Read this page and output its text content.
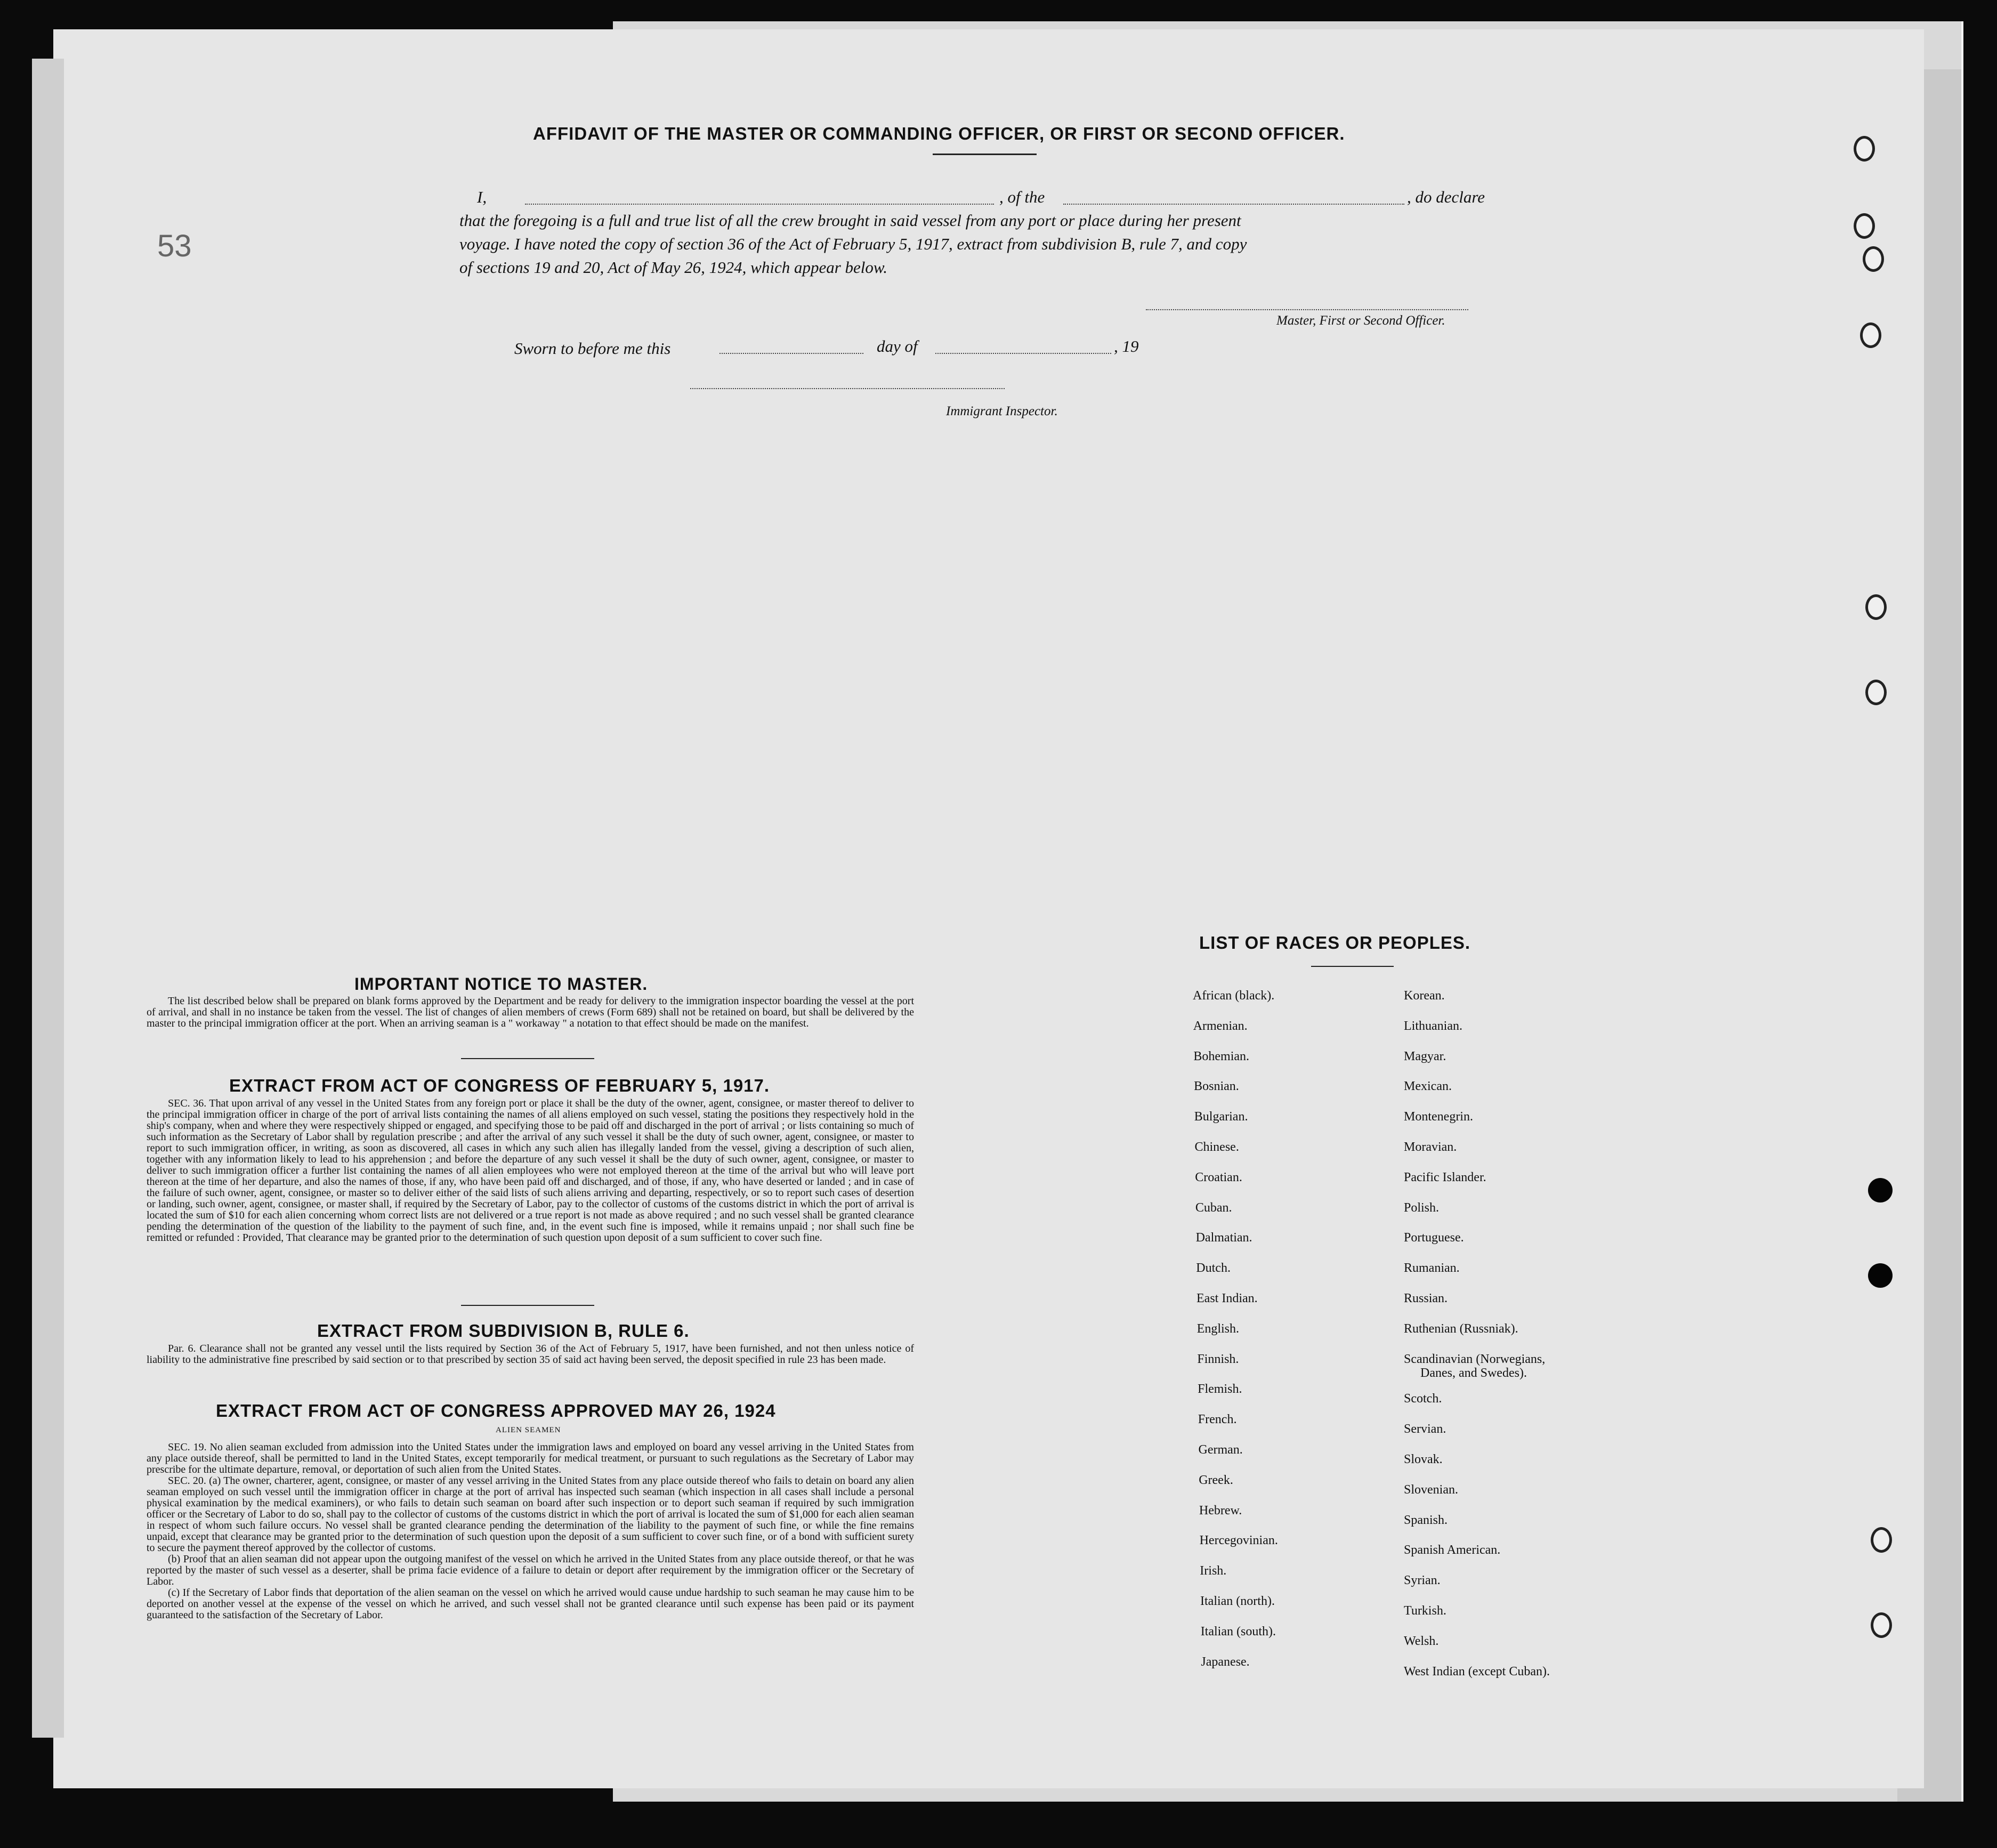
53
AFFIDAVIT OF THE MASTER OR COMMANDING OFFICER, OR FIRST OR SECOND OFFICER.
I,	, of the	, do declare
that the foregoing is a full and true list of all the crew brought in said vessel from any port or place during her present
voyage. I have noted the copy of section 36 of the Act of February 5, 1917, extract from subdivision B, rule 7, and copy
of sections 19 and 20, Act of May 26, 1924, which appear below.
Master, First or Second Officer.
Sworn to before me this	day of	, 19
Immigrant Inspector.
IMPORTANT NOTICE TO MASTER.

The list described below shall be prepared on blank forms approved by the Department and be ready for delivery to the immigration inspector boarding the vessel at the port of arrival, and shall in no instance be taken from the vessel. The list of changes of alien members of crews (Form 689) shall not be retained on board, but shall be delivered by the master to the principal immigration officer at the port. When an arriving seaman is a " workaway " a notation to that effect should be made on the manifest.

EXTRACT FROM ACT OF CONGRESS OF FEBRUARY 5, 1917.

SEC. 36. That upon arrival of any vessel in the United States from any foreign port or place it shall be the duty of the owner, agent, consignee, or master thereof to deliver to the principal immigration officer in charge of the port of arrival lists containing the names of all aliens employed on such vessel, stating the positions they respectively hold in the ship's company, when and where they were respectively shipped or engaged, and specifying those to be paid off and discharged in the port of arrival ; or lists containing so much of such information as the Secretary of Labor shall by regulation prescribe ; and after the arrival of any such vessel it shall be the duty of such owner, agent, consignee, or master to report to such immigration officer, in writing, as soon as discovered, all cases in which any such alien has illegally landed from the vessel, giving a description of such alien, together with any information likely to lead to his apprehension ; and before the departure of any such vessel it shall be the duty of such owner, agent, consignee, or master to deliver to such immigration officer a further list containing the names of all alien employees who were not employed thereon at the time of the arrival but who will leave port thereon at the time of her departure, and also the names of those, if any, who have been paid off and discharged, and of those, if any, who have deserted or landed ; and in case of the failure of such owner, agent, consignee, or master so to deliver either of the said lists of such aliens arriving and departing, respectively, or so to report such cases of desertion or landing, such owner, agent, consignee, or master shall, if required by the Secretary of Labor, pay to the collector of customs of the customs district in which the port of arrival is located the sum of $10 for each alien concerning whom correct lists are not delivered or a true report is not made as above required ; and no such vessel shall be granted clearance pending the determination of the question of the liability to the payment of such fine, and, in the event such fine is imposed, while it remains unpaid ; nor shall such fine be remitted or refunded : Provided, That clearance may be granted prior to the determination of such question upon deposit of a sum sufficient to cover such fine.

EXTRACT FROM SUBDIVISION B, RULE 6.

Par. 6. Clearance shall not be granted any vessel until the lists required by Section 36 of the Act of February 5, 1917, have been furnished, and not then unless notice of liability to the administrative fine prescribed by said section or to that prescribed by section 35 of said act having been served, the deposit specified in rule 23 has been made.

EXTRACT FROM ACT OF CONGRESS APPROVED MAY 26, 1924
ALIEN SEAMEN

SEC. 19. No alien seaman excluded from admission into the United States under the immigration laws and employed on board any vessel arriving in the United States from any place outside thereof, shall be permitted to land in the United States, except temporarily for medical treatment, or pursuant to such regulations as the Secretary of Labor may prescribe for the ultimate departure, removal, or deportation of such alien from the United States.

SEC. 20. (a) The owner, charterer, agent, consignee, or master of any vessel arriving in the United States from any place outside thereof who fails to detain on board any alien seaman employed on such vessel until the immigration officer in charge at the port of arrival has inspected such seaman (which inspection in all cases shall include a personal physical examination by the medical examiners), or who fails to detain such seaman on board after such inspection or to deport such seaman if required by such immigration officer or the Secretary of Labor to do so, shall pay to the collector of customs of the customs district in which the port of arrival is located the sum of $1,000 for each alien seaman in respect of whom such failure occurs. No vessel shall be granted clearance pending the determination of the liability to the payment of such fine, or while the fine remains unpaid, except that clearance may be granted prior to the determination of such question upon the deposit of a sum sufficient to cover such fine, or of a bond with sufficient surety to secure the payment thereof approved by the collector of customs.

(b) Proof that an alien seaman did not appear upon the outgoing manifest of the vessel on which he arrived in the United States from any place outside thereof, or that he was reported by the master of such vessel as a deserter, shall be prima facie evidence of a failure to detain or deport after requirement by the immigration officer or the Secretary of Labor.

(c) If the Secretary of Labor finds that deportation of the alien seaman on the vessel on which he arrived would cause undue hardship to such seaman he may cause him to be deported on another vessel at the expense of the vessel on which he arrived, and such vessel shall not be granted clearance until such expense has been paid or its payment guaranteed to the satisfaction of the Secretary of Labor.

LIST OF RACES OR PEOPLES.
African (black).
Armenian.
Bohemian.
Bosnian.
Bulgarian.
Chinese.
Croatian.
Cuban.
Dalmatian.
Dutch.
East Indian.
English.
Finnish.
Flemish.
French.
German.
Greek.
Hebrew.
Hercegovinian.
Irish.
Italian (north).
Italian (south).
Japanese.
Korean.
Lithuanian.
Magyar.
Mexican.
Montenegrin.
Moravian.
Pacific Islander.
Polish.
Portuguese.
Rumanian.
Russian.
Ruthenian (Russniak).
Scandinavian (Norwegians,
Danes, and Swedes).
Scotch.
Servian.
Slovak.
Slovenian.
Spanish.
Spanish American.
Syrian.
Turkish.
Welsh.
West Indian (except Cuban).
